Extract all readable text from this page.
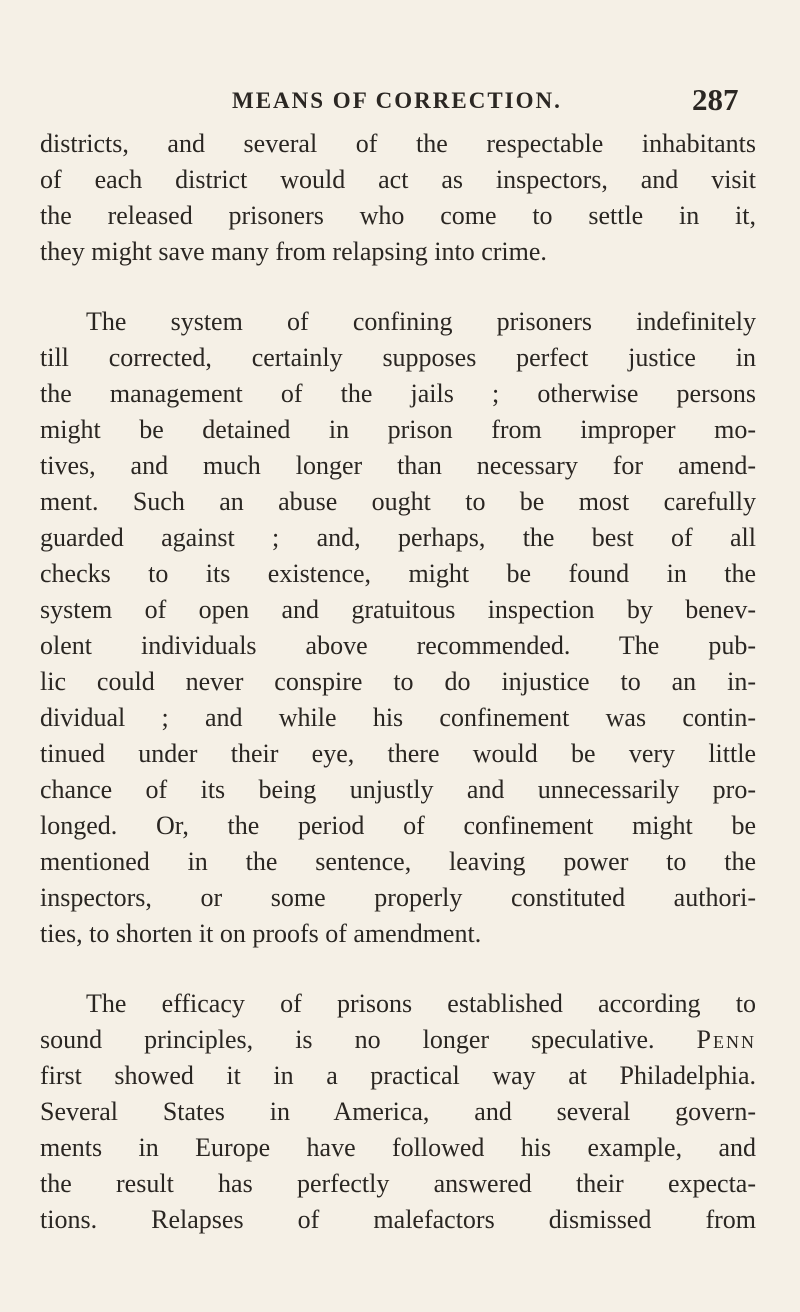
MEANS OF CORRECTION.	287
districts, and several of the respectable inhabitants
of each district would act as inspectors, and visit
the released prisoners who come to settle in it,
they might save many from relapsing into crime.
The system of confining prisoners indefinitely
till corrected, certainly supposes perfect justice in
the management of the jails ; otherwise persons
might be detained in prison from improper mo-
tives, and much longer than necessary for amend-
ment. Such an abuse ought to be most carefully
guarded against ; and, perhaps, the best of all
checks to its existence, might be found in the
system of open and gratuitous inspection by benev-
olent individuals above recommended. The pub-
lic could never conspire to do injustice to an in-
dividual ; and while his confinement was contin-
tinued under their eye, there would be very little
chance of its being unjustly and unnecessarily pro-
longed. Or, the period of confinement might be
mentioned in the sentence, leaving power to the
inspectors, or some properly constituted authori-
ties, to shorten it on proofs of amendment.
The efficacy of prisons established according to
sound principles, is no longer speculative. Penn
first showed it in a practical way at Philadelphia.
Several States in America, and several govern-
ments in Europe have followed his example, and
the result has perfectly answered their expecta-
tions. Relapses of malefactors dismissed from
